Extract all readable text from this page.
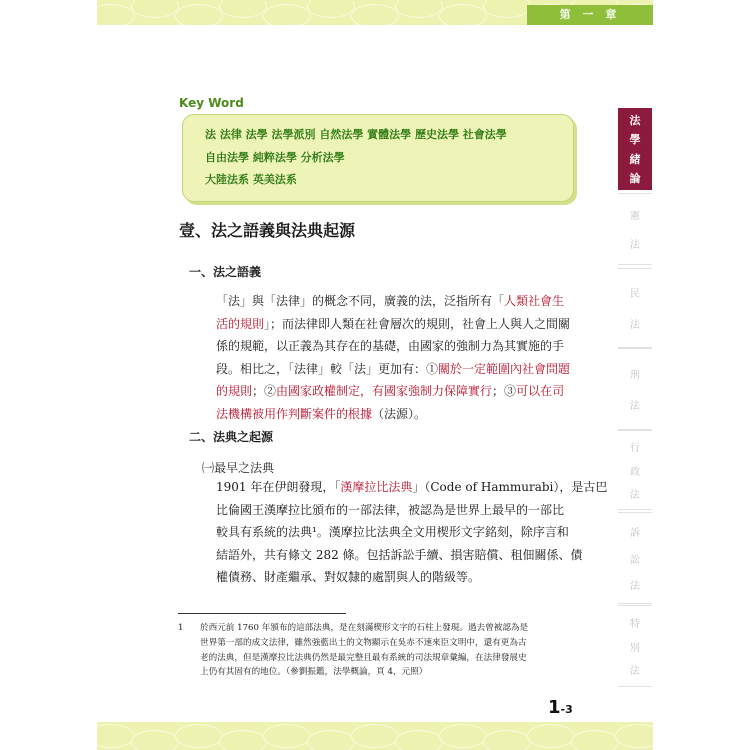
第 一 章
Key Word
法 法律 法學 法學派別 自然法學 實體法學 歷史法學 社會法學
自由法學 純粹法學 分析法學
大陸法系 英美法系
壹、法之語義與法典起源
一、法之語義
「法」與「法律」的概念不同，廣義的法，泛指所有「人類社會生
活的規則」；而法律即人類在社會層次的規則，社會上人與人之間關
係的規範，以正義為其存在的基礎，由國家的強制力為其實施的手
段。相比之，「法律」較「法」更加有：①關於一定範圍內社會問題
的規則；②由國家政權制定，有國家強制力保障實行；③可以在司
法機構被用作判斷案件的根據（法源）。
二、法典之起源
㈠最早之法典
1901 年在伊朗發現，「漢摩拉比法典」（Code of Hammurabi），是古巴
比倫國王漢摩拉比頒布的一部法律，被認為是世界上最早的一部比
較具有系統的法典¹。漢摩拉比法典全文用楔形文字銘刻，除序言和
結語外，共有條文 282 條。包括訴訟手續、損害賠償、租佃關係、債
權債務、財產繼承、對奴隸的處罰與人的階級等。
1 於西元前 1760 年頒布的這部法典，是在刻滿楔形文字的石柱上發現。過去曾被認為是
世界第一部的成文法律，雖然強藍出土的文物顯示在吳赤不速來臣文明中，還有更為古
老的法典，但是漢摩拉比法典仍然是最完整且最有系統的司法規章彙編，在法律發展史
上仍有其固有的地位。（參劉振鑑，法學概論，頁 4，元照）
1-3
法
學
緒
論
憲
法
民
法
刑
法
行
政
法
訴
訟
法
特
別
法
